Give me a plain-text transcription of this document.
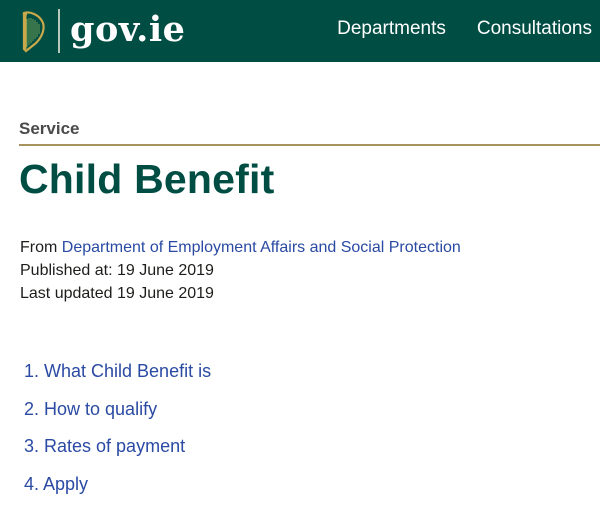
gov.ie	Departments Consultations
Service
Child Benefit
From Department of Employment Affairs and Social Protection
Published at: 19 June 2019
Last updated 19 June 2019
1. What Child Benefit is
2. How to qualify
3. Rates of payment
4. Apply
